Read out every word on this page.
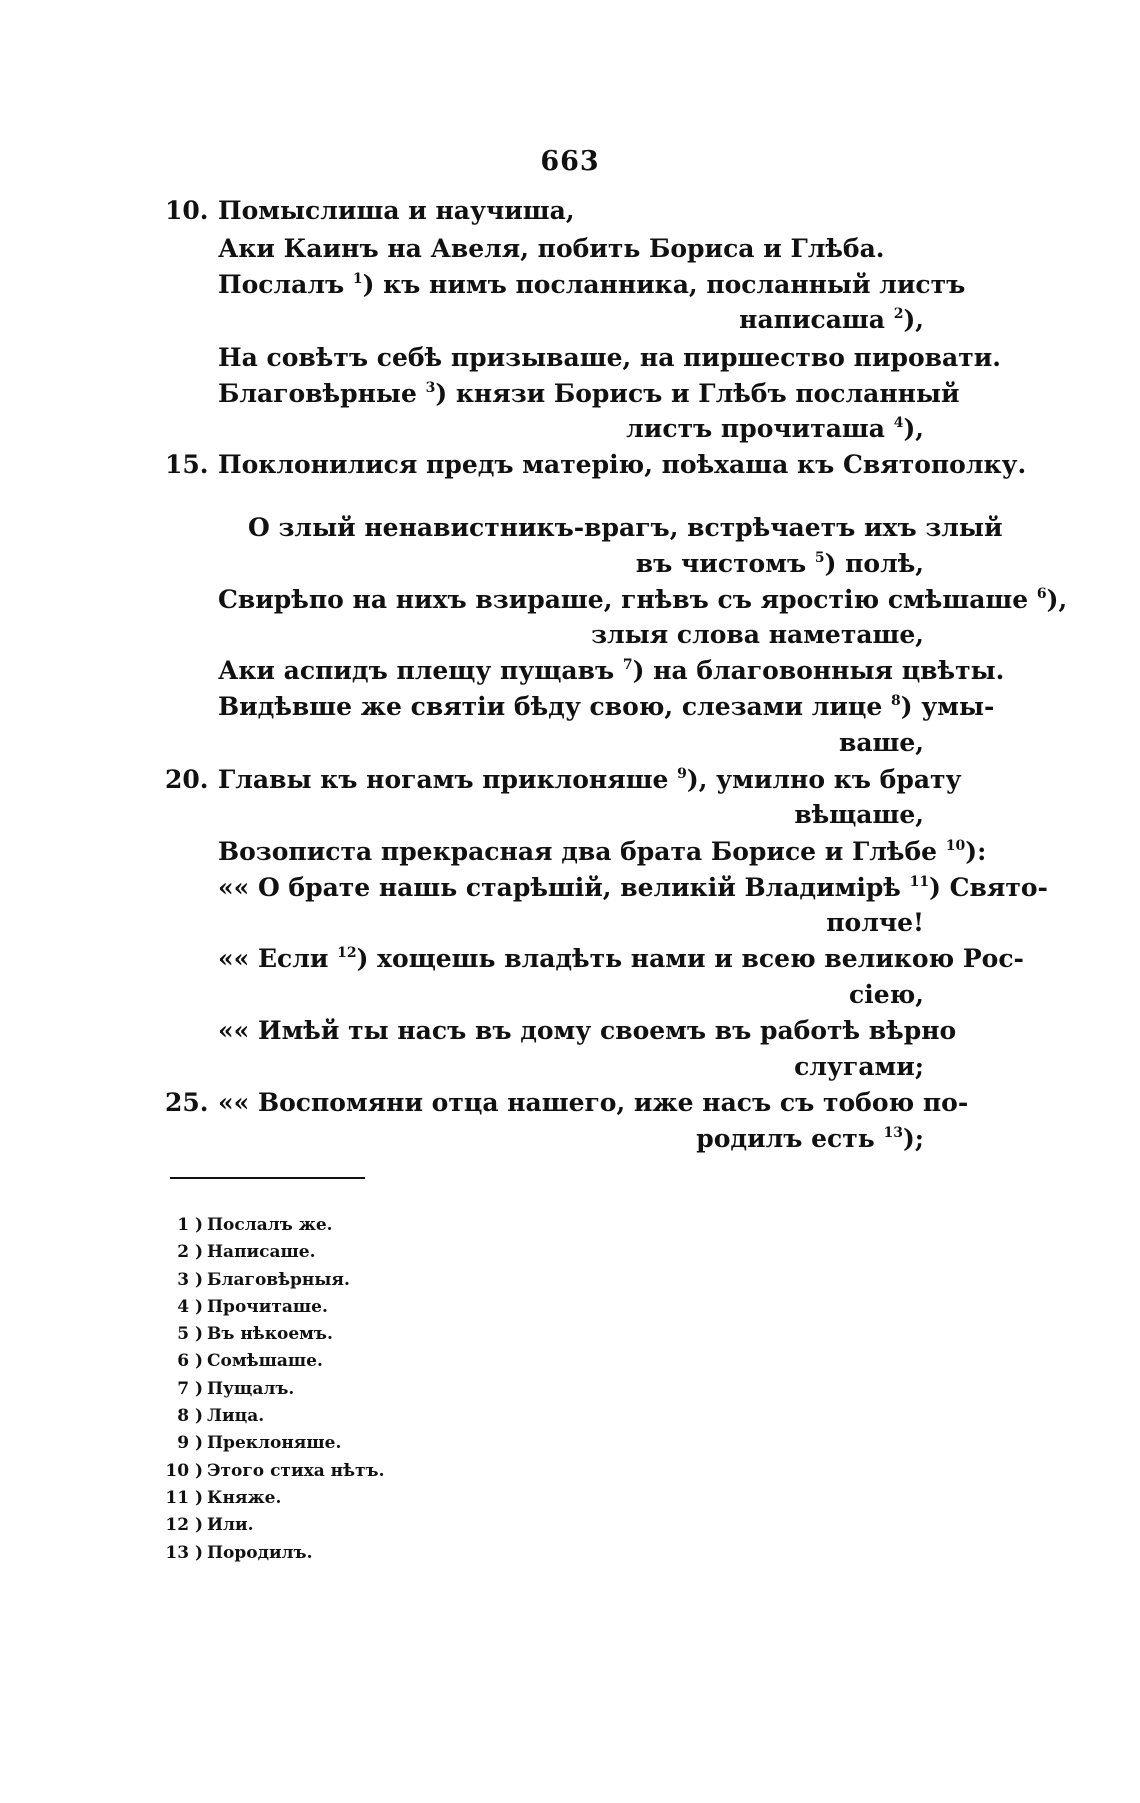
663
10. Помыслиша и научиша,
Аки Каинъ на Авеля, побить Бориса и Глѣба.
Послалъ $^1$) къ нимъ посланника, посланный листъ
написаша $^2$),
На совѣтъ себѣ призываше, на пиршество пировати.
Благовѣрные $^3$) князи Борисъ и Глѣбъ посланный
листъ прочиташа $^4$),
15. Поклонилися предъ матерію, поѣхаша къ Святополку.
О злый ненавистникъ-врагъ, встрѣчаетъ ихъ злый
въ чистомъ $^5$) полѣ,
Свирѣпо на нихъ взираше, гнѣвъ съ яростію смѣшаше $^6$),
злыя слова наметаше,
Аки аспидъ плещу пущавъ $^7$) на благовонныя цвѣты.
Видѣвше же святіи бѣду свою, слезами лице $^8$) умы-
ваше,
20. Главы къ ногамъ приклоняше $^9$), умилно къ брату
вѣщаше,
Возописта прекрасная два брата Борисе и Глѣбе $^{10}$):
«« О брате нашь старѣшій, великій Владимірѣ $^{11}$) Свято-
полче!
«« Если $^{12}$) хощешь владѣть нами и всею великою Рос-
сіею,
«« Имѣй ты насъ въ дому своемъ въ работѣ вѣрно
слугами;
25. «« Воспомяни отца нашего, иже насъ съ тобою по-
родилъ есть $^{13}$);
1 ) Послалъ же.
2 ) Написаше.
3 ) Благовѣрныя.
4 ) Прочиташе.
5 ) Въ нѣкоемъ.
6 ) Сомѣшаше.
7 ) Пущалъ.
8 ) Лица.
9 ) Преклоняше.
10 ) Этого стиха нѣтъ.
11 ) Княже.
12 ) Или.
13 ) Породилъ.
